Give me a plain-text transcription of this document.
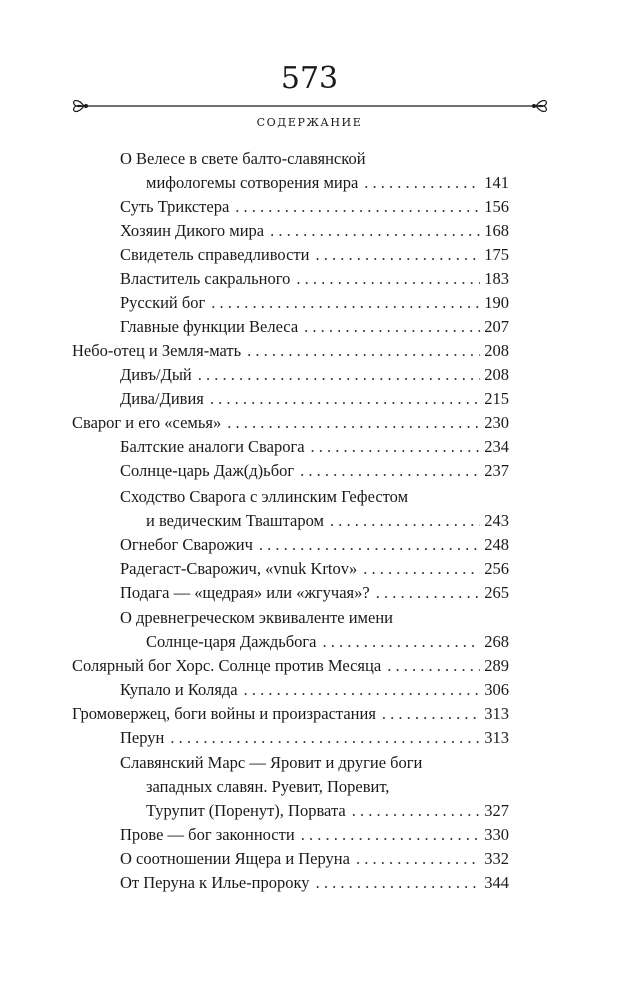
573
СОДЕРЖАНИЕ
О Велесе в свете балто-славянской
мифологемы сотворения мира . . .	141
Суть Трикстера . . .	156
Хозяин Дикого мира . . .	168
Свидетель справедливости . . .	175
Властитель сакрального . . .	183
Русский бог . . .	190
Главные функции Велеса . . .	207
Небо-отец и Земля-мать . . .	208
Дивъ/Дый . . .	208
Дива/Дивия . . .	215
Сварог и его «семья» . . .	230
Балтские аналоги Сварога . . .	234
Солнце-царь Даж(д)ьбог . . .	237
Сходство Сварога с эллинским Гефестом
и ведическим Тваштаром . . .	243
Огнебог Сварожич . . .	248
Радегаст-Сварожич, «vnuk Krtov» . . .	256
Подага — «щедрая» или «жгучая»? . . .	265
О древнегреческом эквиваленте имени
Солнце-царя Даждьбога . . .	268
Солярный бог Хорс. Солнце против Месяца . . .	289
Купало и Коляда . . .	306
Громовержец, боги войны и произрастания . . .	313
Перун . . .	313
Славянский Марс — Яровит и другие боги
западных славян. Руевит, Поревит,
Турупит (Поренут), Порвата . . .	327
Прове — бог законности . . .	330
О соотношении Ящера и Перуна . . .	332
От Перуна к Илье-пророку . . .	344
